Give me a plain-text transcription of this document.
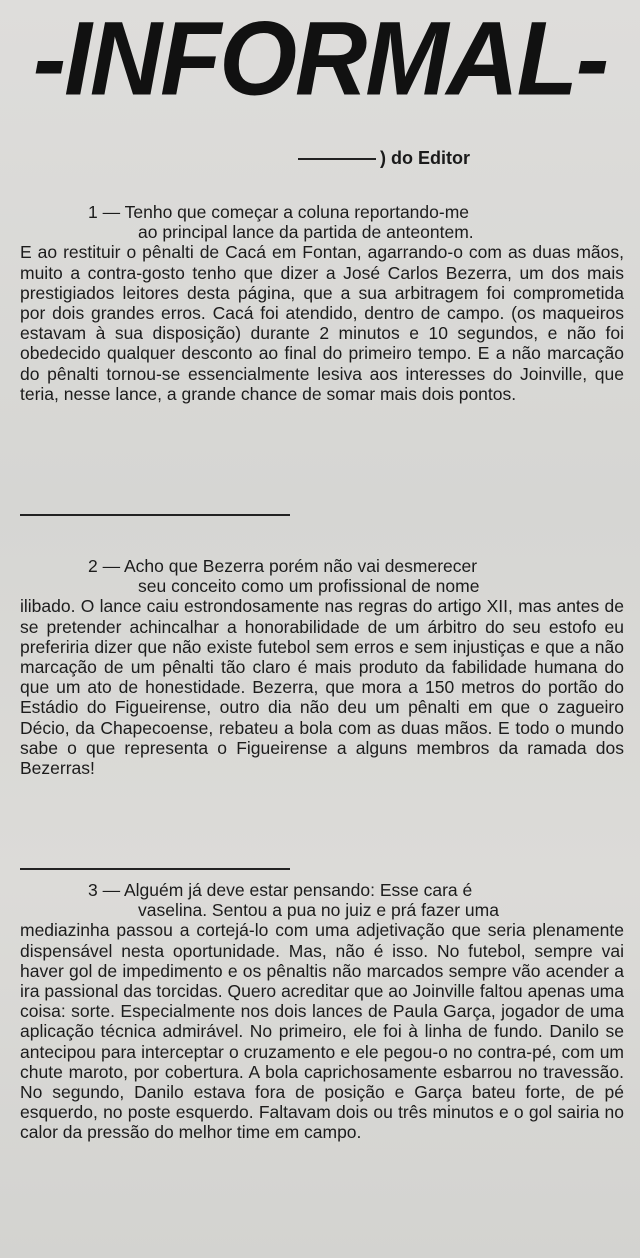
-INFORMAL-
) do Editor

1 — Tenho que começar a coluna reportando-me
ao principal lance da partida de anteontem.
E ao restituir o pênalti de Cacá em Fontan, agarrando-o com as duas mãos, muito a contra-gosto tenho que dizer a José Carlos Bezerra, um dos mais prestigiados leitores desta página, que a sua arbitragem foi comprometida por dois grandes erros. Cacá foi atendido, dentro de campo. (os maqueiros estavam à sua disposição) durante 2 minutos e 10 segundos, e não foi obedecido qualquer desconto ao final do primeiro tempo. E a não marcação do pênalti tornou-se essencialmente lesiva aos interesses do Joinville, que teria, nesse lance, a grande chance de somar mais dois pontos.

2 — Acho que Bezerra porém não vai desmerecer
seu conceito como um profissional de nome
ilibado. O lance caiu estrondosamente nas regras do artigo XII, mas antes de se pretender achincalhar a honorabilidade de um árbitro do seu estofo eu preferiria dizer que não existe futebol sem erros e sem injustiças e que a não marcação de um pênalti tão claro é mais produto da fabilidade humana do que um ato de honestidade. Bezerra, que mora a 150 metros do portão do Estádio do Figueirense, outro dia não deu um pênalti em que o zagueiro Décio, da Chapecoense, rebateu a bola com as duas mãos. E todo o mundo sabe o que representa o Figueirense a alguns membros da ramada dos Bezerras!

3 — Alguém já deve estar pensando: Esse cara é
vaselina. Sentou a pua no juiz e prá fazer uma
mediazinha passou a cortejá-lo com uma adjetivação que seria plenamente dispensável nesta oportunidade. Mas, não é isso. No futebol, sempre vai haver gol de impedimento e os pênaltis não marcados sempre vão acender a ira passional das torcidas. Quero acreditar que ao Joinville faltou apenas uma coisa: sorte. Especialmente nos dois lances de Paula Garça, jogador de uma aplicação técnica admirável. No primeiro, ele foi à linha de fundo. Danilo se antecipou para interceptar o cruzamento e ele pegou-o no contra-pé, com um chute maroto, por cobertura. A bola caprichosamente esbarrou no travessão. No segundo, Danilo estava fora de posição e Garça bateu forte, de pé esquerdo, no poste esquerdo. Faltavam dois ou três minutos e o gol sairia no calor da pressão do melhor time em campo.
